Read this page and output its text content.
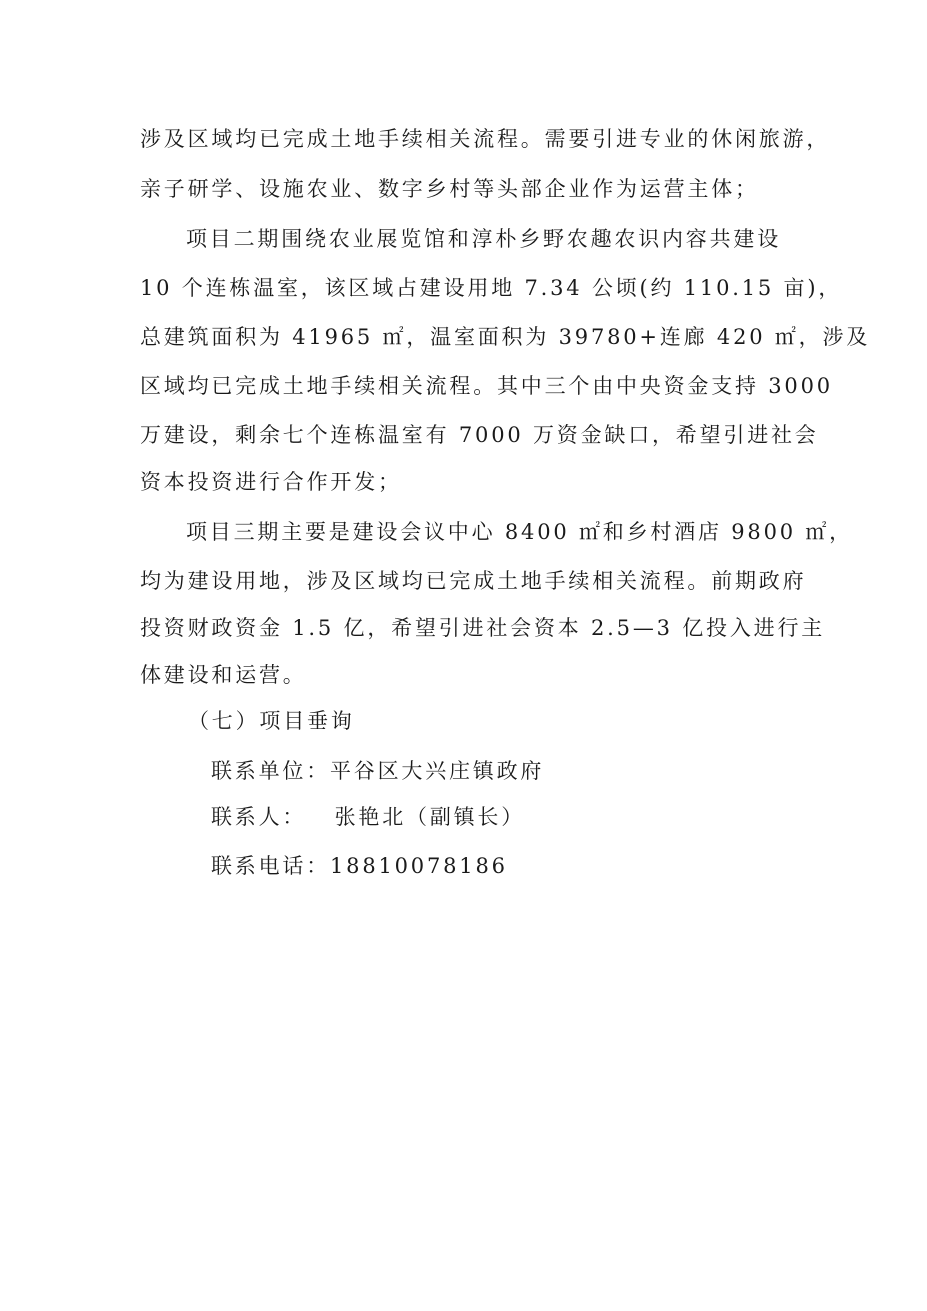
涉及区域均已完成土地手续相关流程。需要引进专业的休闲旅游，
亲子研学、设施农业、数字乡村等头部企业作为运营主体；
项目二期围绕农业展览馆和淳朴乡野农趣农识内容共建设
10 个连栋温室，该区域占建设用地 7.34 公顷(约 110.15 亩)，
总建筑面积为 41965 ㎡，温室面积为 39780+连廊 420 ㎡，涉及
区域均已完成土地手续相关流程。其中三个由中央资金支持 3000
万建设，剩余七个连栋温室有 7000 万资金缺口，希望引进社会
资本投资进行合作开发；
项目三期主要是建设会议中心 8400 ㎡和乡村酒店 9800 ㎡，
均为建设用地，涉及区域均已完成土地手续相关流程。前期政府
投资财政资金 1.5 亿，希望引进社会资本 2.5—3 亿投入进行主
体建设和运营。
（七）项目垂询
联系单位：平谷区大兴庄镇政府
联系人：   张艳北（副镇长）
联系电话：18810078186
